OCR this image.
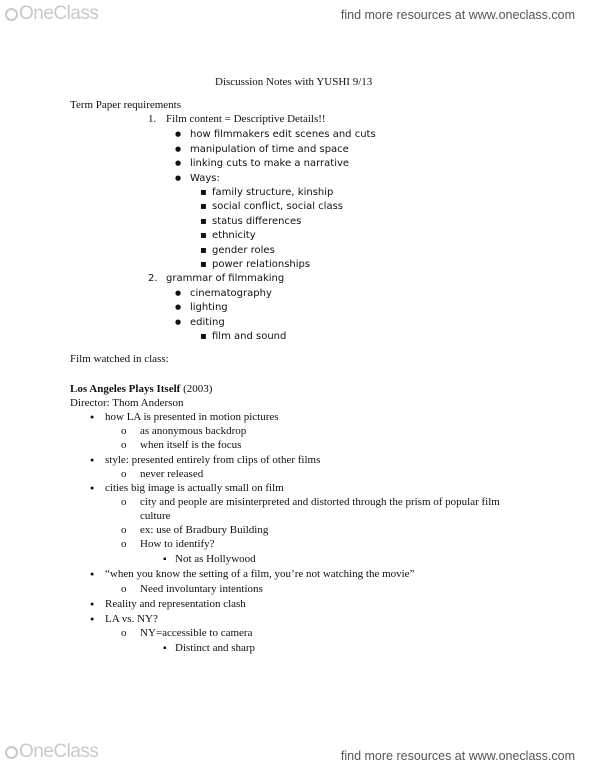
OneClass	find more resources at www.oneclass.com
Discussion Notes with YUSHI 9/13
Term Paper requirements
1. Film content = Descriptive Details!!
● how filmmakers edit scenes and cuts
● manipulation of time and space
● linking cuts to make a narrative
● Ways:
▪ family structure, kinship
▪ social conflict, social class
▪ status differences
▪ ethnicity
▪ gender roles
▪ power relationships
2. grammar of filmmaking
● cinematography
● lighting
● editing
▪ film and sound
Film watched in class:
Los Angeles Plays Itself (2003)
Director: Thom Anderson
● how LA is presented in motion pictures
o as anonymous backdrop
o when itself is the focus
● style: presented entirely from clips of other films
o never released
● cities big image is actually small on film
o city and people are misinterpreted and distorted through the prism of popular film
culture
o ex: use of Bradbury Building
o How to identify?
▪ Not as Hollywood
● “when you know the setting of a film, you’re not watching the movie”
o Need involuntary intentions
● Reality and representation clash
● LA vs. NY?
o NY=accessible to camera
▪ Distinct and sharp
OneClass	find more resources at www.oneclass.com
